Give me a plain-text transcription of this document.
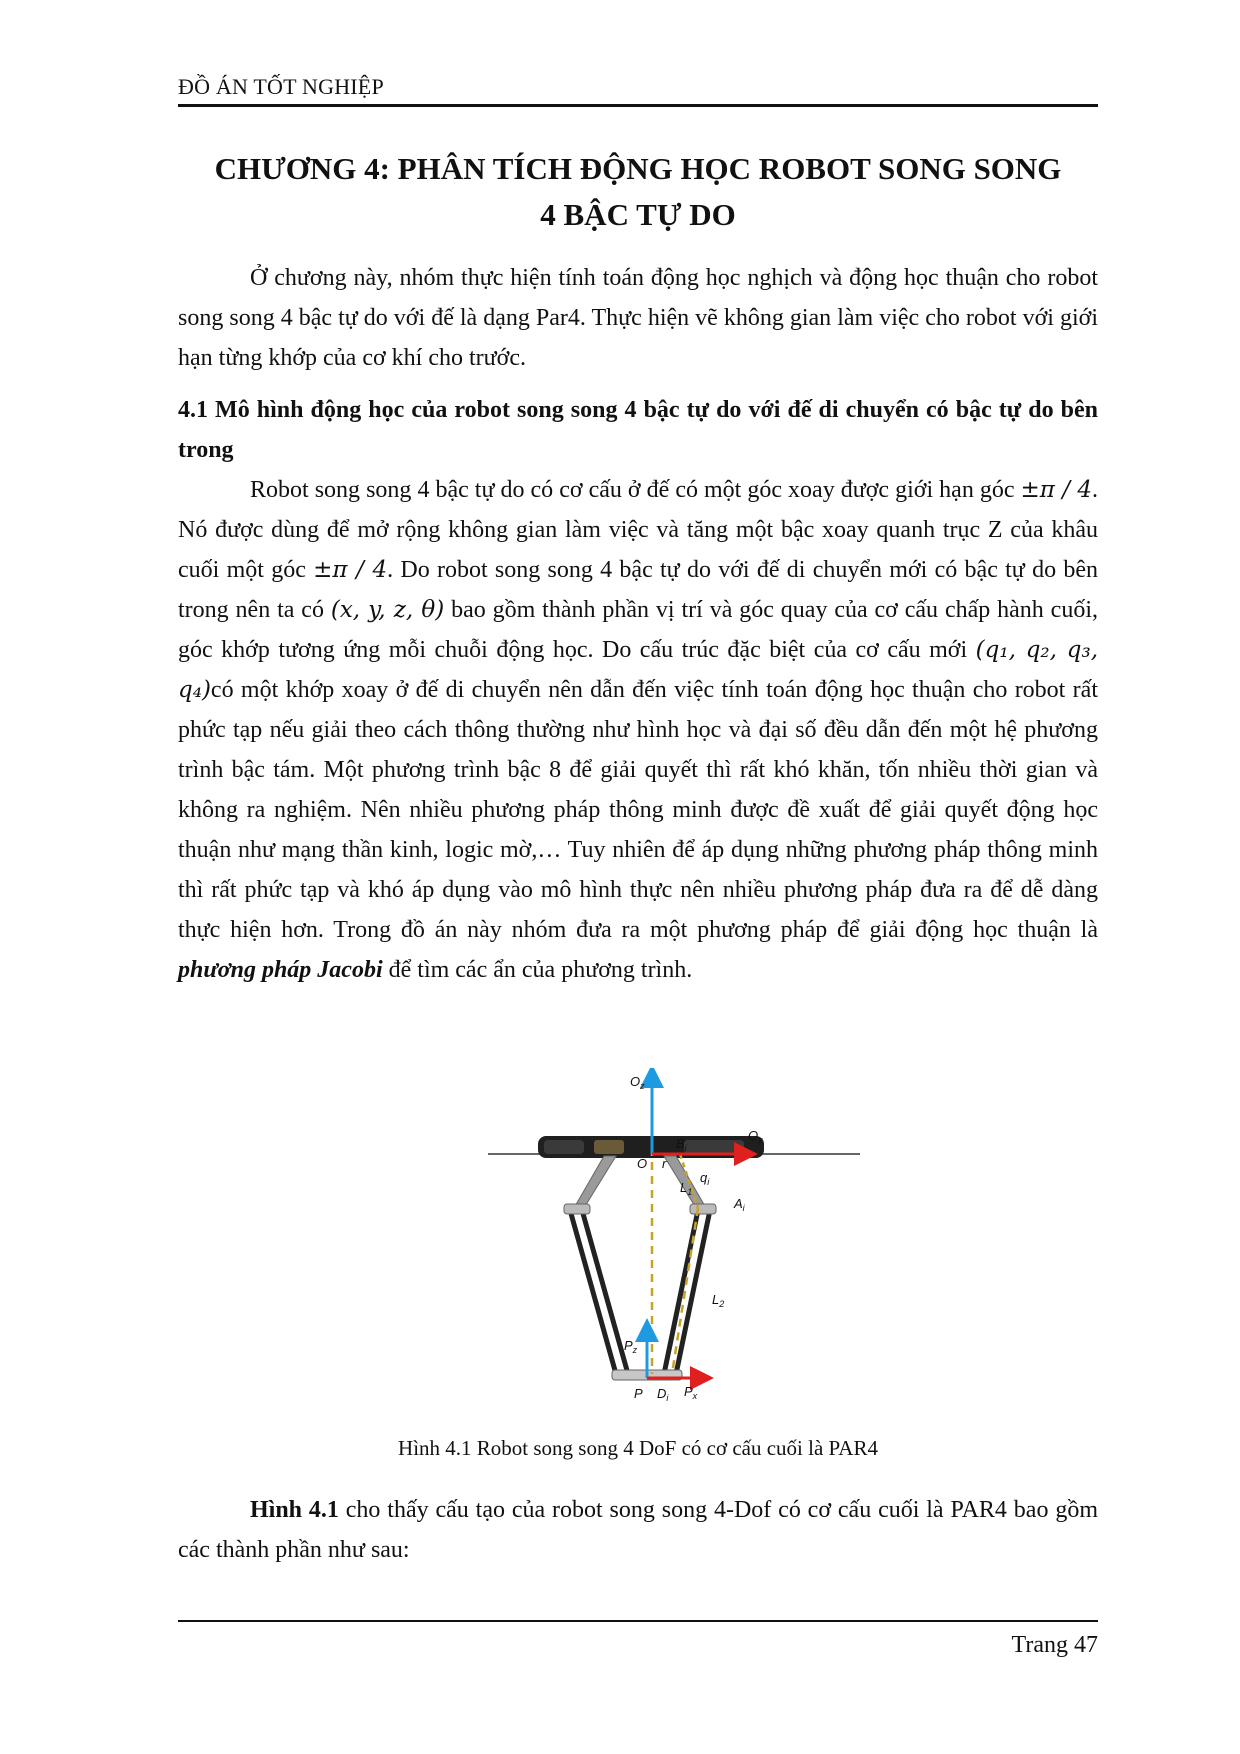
ĐỒ ÁN TỐT NGHIỆP
CHƯƠNG 4: PHÂN TÍCH ĐỘNG HỌC ROBOT SONG SONG
4 BẬC TỰ DO

Ở chương này, nhóm thực hiện tính toán động học nghịch và động học thuận cho robot song song 4 bậc tự do với đế là dạng Par4. Thực hiện vẽ không gian làm việc cho robot với giới hạn từng khớp của cơ khí cho trước.

4.1 Mô hình động học của robot song song 4 bậc tự do với đế di chuyển có bậc tự do bên trong

Robot song song 4 bậc tự do có cơ cấu ở đế có một góc xoay được giới hạn góc ±π / 4. Nó được dùng để mở rộng không gian làm việc và tăng một bậc xoay quanh trục Z của khâu cuối một góc ±π / 4. Do robot song song 4 bậc tự do với đế di chuyển mới có bậc tự do bên trong nên ta có (x, y, z, θ) bao gồm thành phần vị trí và góc quay của cơ cấu chấp hành cuối, góc khớp tương ứng mỗi chuỗi động học. Do cấu trúc đặc biệt của cơ cấu mới (q₁, q₂, q₃, q₄)có một khớp xoay ở đế di chuyển nên dẫn đến việc tính toán động học thuận cho robot rất phức tạp nếu giải theo cách thông thường như hình học và đại số đều dẫn đến một hệ phương trình bậc tám. Một phương trình bậc 8 để giải quyết thì rất khó khăn, tốn nhiều thời gian và không ra nghiệm. Nên nhiều phương pháp thông minh được đề xuất để giải quyết động học thuận như mạng thần kinh, logic mờ,… Tuy nhiên để áp dụng những phương pháp thông minh thì rất phức tạp và khó áp dụng vào mô hình thực nên nhiều phương pháp đưa ra để dễ dàng thực hiện hơn. Trong đồ án này nhóm đưa ra một phương pháp để giải động học thuận là phương pháp Jacobi để tìm các ẩn của phương trình.

$O_z$
$O_x$
O
$B_i$
r
$q_i$
$L_1$
$A_i$
$L_2$
$P_z$
P $D_i$ $P_x$
Hình 4.1 Robot song song 4 DoF có cơ cấu cuối là PAR4

Hình 4.1 cho thấy cấu tạo của robot song song 4-Dof có cơ cấu cuối là PAR4 bao gồm các thành phần như sau:

Trang 47
